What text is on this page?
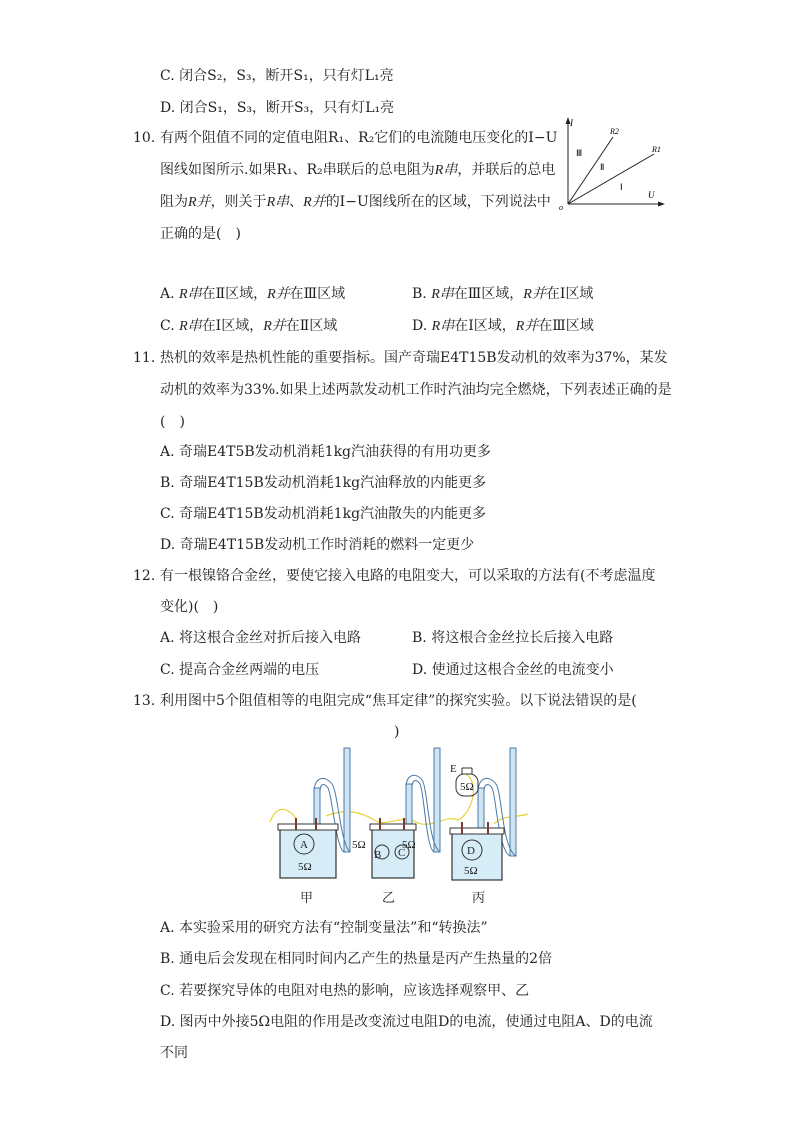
C. 闭合S₂，S₃，断开S₁，只有灯L₁亮
D. 闭合S₁，S₃，断开S₃，只有灯L₁亮
10. 有两个阻值不同的定值电阻R₁、R₂它们的电流随电压变化的I−U
图线如图所示.如果R₁、R₂串联后的总电阻为R串，并联后的总电
阻为R并，则关于R串、R并的I−U图线所在的区域，下列说法中
正确的是(　)
I
U
o
R2
R1
Ⅲ
Ⅱ
Ⅰ
A. R串在Ⅱ区域，R并在Ⅲ区域	B. R串在Ⅲ区域，R并在Ⅰ区域
C. R串在Ⅰ区域，R并在Ⅱ区域	D. R串在Ⅰ区域，R并在Ⅲ区域
11. 热机的效率是热机性能的重要指标。国产奇瑞E4T15B发动机的效率为37%，某发
动机的效率为33%.如果上述两款发动机工作时汽油均完全燃烧，下列表述正确的是
(　)
A. 奇瑞E4T5B发动机消耗1kg汽油获得的有用功更多
B. 奇瑞E4T15B发动机消耗1kg汽油释放的内能更多
C. 奇瑞E4T15B发动机消耗1kg汽油散失的内能更多
D. 奇瑞E4T15B发动机工作时消耗的燃料一定更少
12. 有一根镍铬合金丝，要使它接入电路的电阻变大，可以采取的方法有(不考虑温度
变化)(　)
A. 将这根合金丝对折后接入电路	B. 将这根合金丝拉长后接入电路
C. 提高合金丝两端的电压	D. 使通过这根合金丝的电流变小
13. 利用图中5个阻值相等的电阻完成“焦耳定律”的探究实验。以下说法错误的是(
)
A
5Ω
5Ω
B C
5Ω	D
5Ω
E
5Ω
甲	乙	丙
A. 本实验采用的研究方法有“控制变量法”和“转换法”
B. 通电后会发现在相同时间内乙产生的热量是丙产生热量的2倍
C. 若要探究导体的电阻对电热的影响，应该选择观察甲、乙
D. 图丙中外接5Ω电阻的作用是改变流过电阻D的电流，使通过电阻A、D的电流
不同
